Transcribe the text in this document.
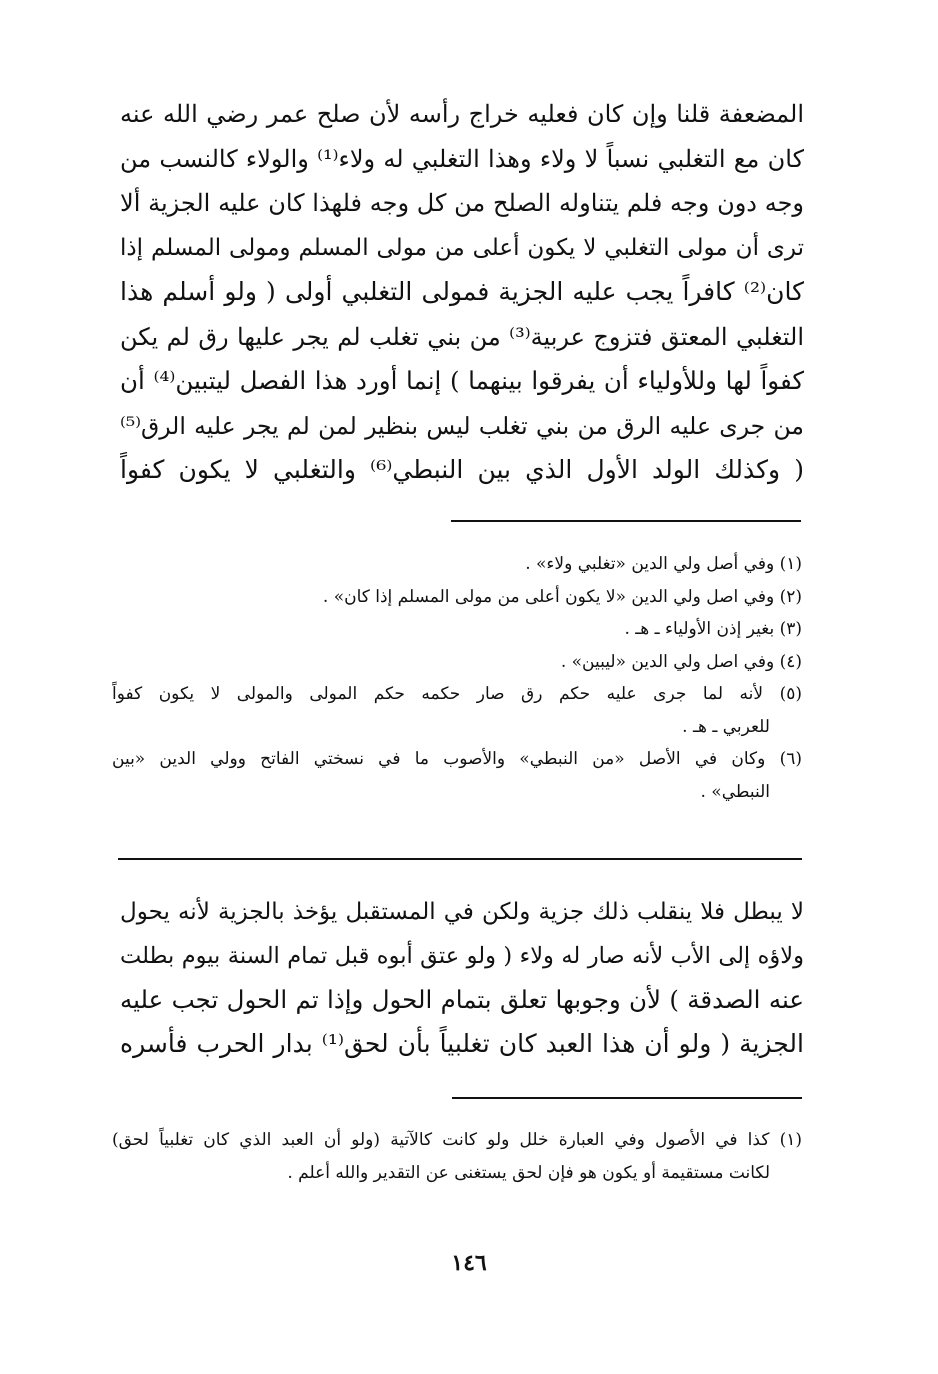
المضعفة قلنا وإن كان فعليه خراج رأسه لأن صلح عمر رضي الله عنه
كان مع التغلبي نسباً لا ولاء وهذا التغلبي له ولاء⁽¹⁾ والولاء كالنسب من
وجه دون وجه فلم يتناوله الصلح من كل وجه فلهذا كان عليه الجزية ألا
ترى أن مولى التغلبي لا يكون أعلى من مولى المسلم ومولى المسلم إذا
كان⁽²⁾ كافراً يجب عليه الجزية فمولى التغلبي أولى ( ولو أسلم هذا
التغلبي المعتق فتزوج عربية⁽³⁾ من بني تغلب لم يجر عليها رق لم يكن
كفواً لها وللأولياء أن يفرقوا بينهما ) إنما أورد هذا الفصل ليتبين⁽⁴⁾ أن
من جرى عليه الرق من بني تغلب ليس بنظير لمن لم يجر عليه الرق⁽⁵⁾
( وكذلك الولد الأول الذي بين النبطي⁽⁶⁾ والتغلبي لا يكون كفواً
(١) وفي أصل ولي الدين «تغلبي ولاء» .
(٢) وفي اصل ولي الدين «لا يكون أعلى من مولى المسلم إذا كان» .
(٣) بغير إذن الأولياء ـ هـ .
(٤) وفي اصل ولي الدين «ليبين» .
(٥) لأنه لما جرى عليه حكم رق صار حكمه حكم المولى والمولى لا يكون كفواً
للعربي ـ هـ .
(٦) وكان في الأصل «من النبطي» والأصوب ما في نسختي الفاتح وولي الدين «بين
النبطي» .
لا يبطل فلا ينقلب ذلك جزية ولكن في المستقبل يؤخذ بالجزية لأنه يحول
ولاؤه إلى الأب لأنه صار له ولاء ( ولو عتق أبوه قبل تمام السنة بيوم بطلت
عنه الصدقة ) لأن وجوبها تعلق بتمام الحول وإذا تم الحول تجب عليه
الجزية ( ولو أن هذا العبد كان تغلبياً بأن لحق⁽¹⁾ بدار الحرب فأسره
(١) كذا في الأصول وفي العبارة خلل ولو كانت كالآتية (ولو أن العبد الذي كان تغلبياً لحق)
لكانت مستقيمة أو يكون هو فإن لحق يستغنى عن التقدير والله أعلم .
١٤٦
